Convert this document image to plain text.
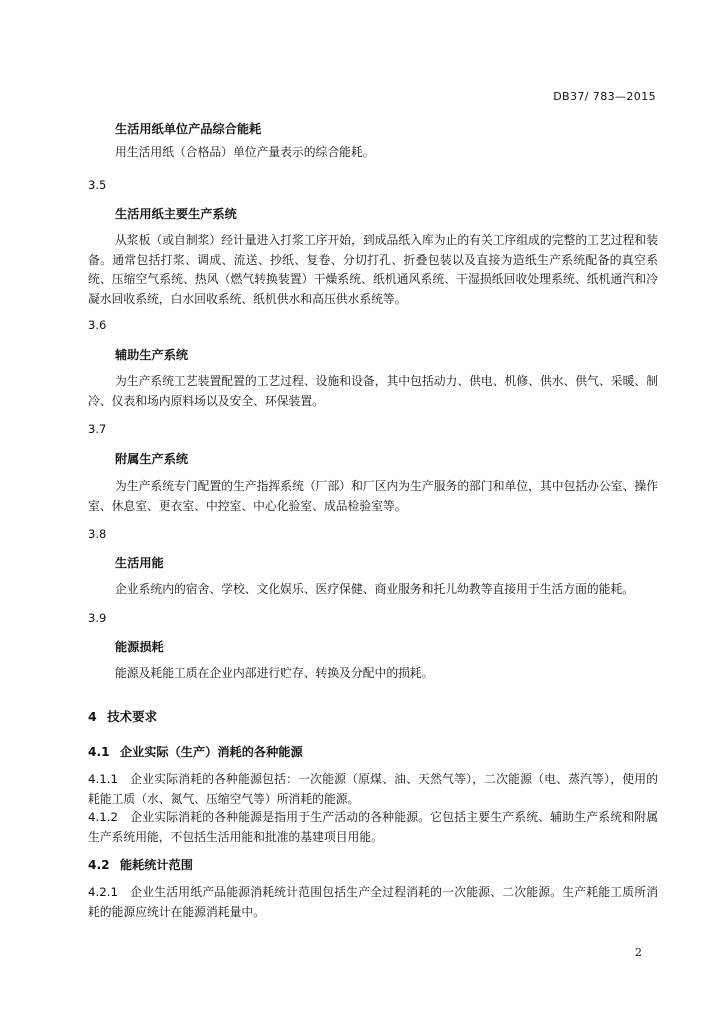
DB37/ 783—2015
生活用纸单位产品综合能耗
用生活用纸（合格品）单位产量表示的综合能耗。
3.5
生活用纸主要生产系统
从浆板（或自制浆）经计量进入打浆工序开始，到成品纸入库为止的有关工序组成的完整的工艺过程和装备。通常包括打浆、调成、流送、抄纸、复卷、分切打孔、折叠包装以及直接为造纸生产系统配备的真空系统、压缩空气系统、热风（燃气转换装置）干燥系统、纸机通风系统、干湿损纸回收处理系统、纸机通汽和冷凝水回收系统，白水回收系统、纸机供水和高压供水系统等。
3.6
辅助生产系统
为生产系统工艺装置配置的工艺过程、设施和设备，其中包括动力、供电、机修、供水、供气、采暖、制冷、仪表和场内原料场以及安全、环保装置。
3.7
附属生产系统
为生产系统专门配置的生产指挥系统（厂部）和厂区内为生产服务的部门和单位，其中包括办公室、操作室、休息室、更衣室、中控室、中心化验室、成品检验室等。
3.8
生活用能
企业系统内的宿舍、学校、文化娱乐、医疗保健、商业服务和托儿幼教等直接用于生活方面的能耗。
3.9
能源损耗
能源及耗能工质在企业内部进行贮存、转换及分配中的损耗。
4 技术要求
4.1 企业实际（生产）消耗的各种能源
4.1.1 企业实际消耗的各种能源包括：一次能源（原煤、油、天然气等），二次能源（电、蒸汽等），使用的耗能工质（水、氮气、压缩空气等）所消耗的能源。
4.1.2 企业实际消耗的各种能源是指用于生产活动的各种能源。它包括主要生产系统、辅助生产系统和附属生产系统用能，不包括生活用能和批准的基建项目用能。
4.2 能耗统计范围
4.2.1 企业生活用纸产品能源消耗统计范围包括生产全过程消耗的一次能源、二次能源。生产耗能工质所消耗的能源应统计在能源消耗量中。
2
